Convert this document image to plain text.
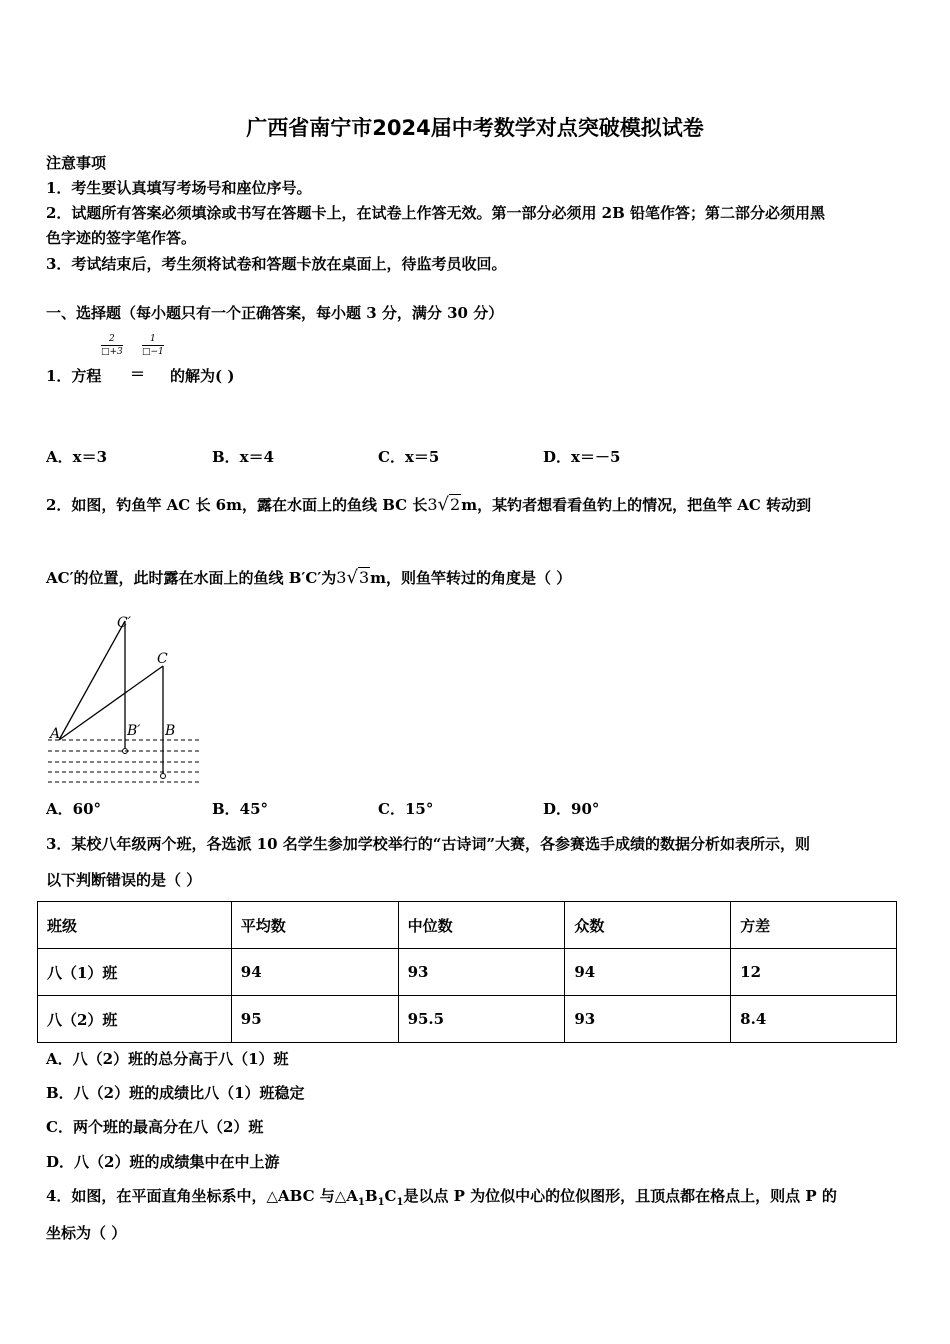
广西省南宁市2024届中考数学对点突破模拟试卷
注意事项
1．考生要认真填写考场号和座位序号。
2．试题所有答案必须填涂或书写在答题卡上，在试卷上作答无效。第一部分必须用 2B 铅笔作答；第二部分必须用黑
色字迹的签字笔作答。
3．考试结束后，考生须将试卷和答题卡放在桌面上，待监考员收回。
一、选择题（每小题只有一个正确答案，每小题 3 分，满分 30 分）
1．方程
$\frac{2}{□+3}$
＝
$\frac{1}{□-1}$
的解为( )
A．x＝3	B．x＝4	C．x＝5	D．x＝－5
2．如图，钓鱼竿 AC 长 6m，露在水面上的鱼线 BC 长3√2m，某钓者想看看鱼钓上的情况，把鱼竿 AC 转动到
AC′的位置，此时露在水面上的鱼线 B′C′为3√3m，则鱼竿转过的角度是（ ）
A
C′
C
B′ B
A．60°	B．45°	C．15°	D．90°
3．某校八年级两个班，各选派 10 名学生参加学校举行的“古诗词”大赛，各参赛选手成绩的数据分析如表所示，则
以下判断错误的是（ ）
班级	平均数	中位数	众数	方差
八（1）班	94	93	94	12
八（2）班	95	95.5	93	8.4
A．八（2）班的总分高于八（1）班
B．八（2）班的成绩比八（1）班稳定
C．两个班的最高分在八（2）班
D．八（2）班的成绩集中在中上游
4．如图，在平面直角坐标系中，△ABC 与$\triangle A_1B_1C_1$是以点 P 为位似中心的位似图形，且顶点都在格点上，则点 P 的
坐标为（ ）
